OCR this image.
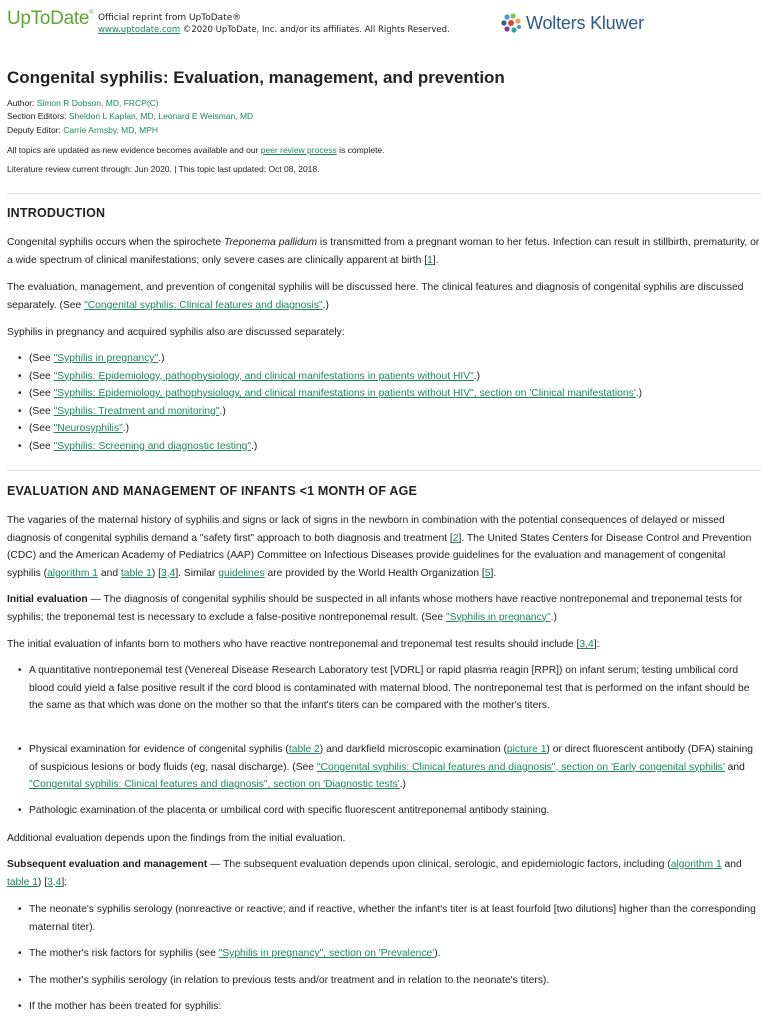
UpToDate® Official reprint from UpToDate®
www.uptodate.com ©2020 UpToDate, Inc. and/or its affiliates. All Rights Reserved.	Wolters Kluwer
Congenital syphilis: Evaluation, management, and prevention
Author: Simon R Dobson, MD, FRCP(C)
Section Editors: Sheldon L Kaplan, MD, Leonard E Weisman, MD
Deputy Editor: Carrie Armsby, MD, MPH
All topics are updated as new evidence becomes available and our peer review process is complete.
Literature review current through: Jun 2020. | This topic last updated: Oct 08, 2018.
INTRODUCTION

Congenital syphilis occurs when the spirochete Treponema pallidum is transmitted from a pregnant woman to her fetus. Infection can result in stillbirth, prematurity, or a wide spectrum of clinical manifestations; only severe cases are clinically apparent at birth [1].

The evaluation, management, and prevention of congenital syphilis will be discussed here. The clinical features and diagnosis of congenital syphilis are discussed separately. (See "Congenital syphilis: Clinical features and diagnosis".)

Syphilis in pregnancy and acquired syphilis also are discussed separately:

• (See "Syphilis in pregnancy".)
• (See "Syphilis: Epidemiology, pathophysiology, and clinical manifestations in patients without HIV".)
• (See "Syphilis: Epidemiology, pathophysiology, and clinical manifestations in patients without HIV", section on 'Clinical manifestations'.)
• (See "Syphilis: Treatment and monitoring".)
• (See "Neurosyphilis".)
• (See "Syphilis: Screening and diagnostic testing".)
EVALUATION AND MANAGEMENT OF INFANTS <1 MONTH OF AGE

The vagaries of the maternal history of syphilis and signs or lack of signs in the newborn in combination with the potential consequences of delayed or missed diagnosis of congenital syphilis demand a "safety first" approach to both diagnosis and treatment [2]. The United States Centers for Disease Control and Prevention (CDC) and the American Academy of Pediatrics (AAP) Committee on Infectious Diseases provide guidelines for the evaluation and management of congenital syphilis (algorithm 1 and table 1) [3,4]. Similar guidelines are provided by the World Health Organization [5].

Initial evaluation — The diagnosis of congenital syphilis should be suspected in all infants whose mothers have reactive nontreponemal and treponemal tests for syphilis; the treponemal test is necessary to exclude a false-positive nontreponemal result. (See "Syphilis in pregnancy".)

The initial evaluation of infants born to mothers who have reactive nontreponemal and treponemal test results should include [3,4]:

• A quantitative nontreponemal test (Venereal Disease Research Laboratory test [VDRL] or rapid plasma reagin [RPR]) on infant serum; testing umbilical cord blood could yield a false positive result if the cord blood is contaminated with maternal blood. The nontreponemal test that is performed on the infant should be the same as that which was done on the mother so that the infant's titers can be compared with the mother's titers.
• Physical examination for evidence of congenital syphilis (table 2) and darkfield microscopic examination (picture 1) or direct fluorescent antibody (DFA) staining of suspicious lesions or body fluids (eg, nasal discharge). (See "Congenital syphilis: Clinical features and diagnosis", section on 'Early congenital syphilis' and "Congenital syphilis: Clinical features and diagnosis", section on 'Diagnostic tests'.)
• Pathologic examination of the placenta or umbilical cord with specific fluorescent antitreponemal antibody staining.

Additional evaluation depends upon the findings from the initial evaluation.

Subsequent evaluation and management — The subsequent evaluation depends upon clinical, serologic, and epidemiologic factors, including (algorithm 1 and table 1) [3,4]:

• The neonate's syphilis serology (nonreactive or reactive; and if reactive, whether the infant's titer is at least fourfold [two dilutions] higher than the corresponding maternal titer).
• The mother's risk factors for syphilis (see "Syphilis in pregnancy", section on 'Prevalence').
• The mother's syphilis serology (in relation to previous tests and/or treatment and in relation to the neonate's titers).
• If the mother has been treated for syphilis:
